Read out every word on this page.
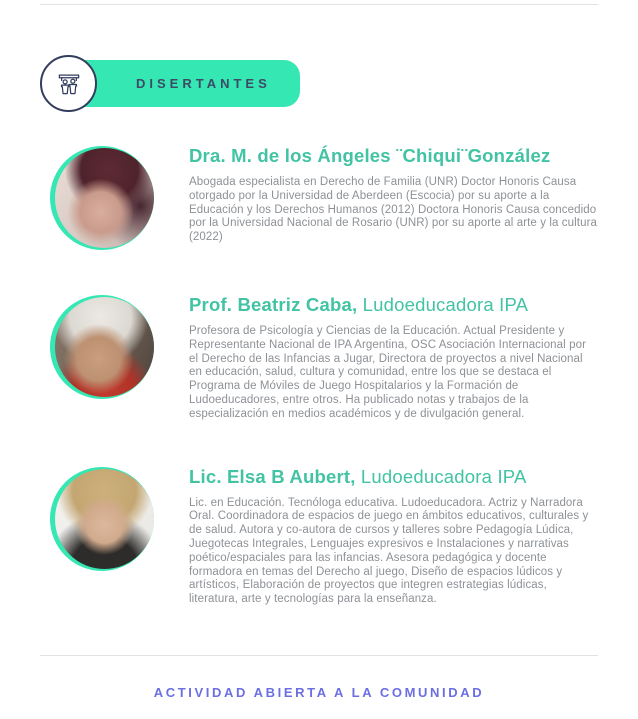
DISERTANTES
Dra. M. de los Ángeles ¨Chiqui¨González
Abogada especialista en Derecho de Familia (UNR) Doctor Honoris Causa otorgado por la Universidad de Aberdeen (Escocia) por su aporte a la Educación y los Derechos Humanos (2012) Doctora Honoris Causa concedido por la Universidad Nacional de Rosario (UNR) por su aporte al arte y la cultura (2022)
Prof. Beatriz Caba, Ludoeducadora IPA
Profesora de Psicología y Ciencias de la Educación. Actual Presidente y Representante Nacional de IPA Argentina, OSC Asociación Internacional por el Derecho de las Infancias a Jugar, Directora de proyectos a nivel Nacional en educación, salud, cultura y comunidad, entre los que se destaca el Programa de Móviles de Juego Hospitalarios y la Formación de Ludoeducadores, entre otros. Ha publicado notas y trabajos de la especialización en medios académicos y de divulgación general.
Lic. Elsa B Aubert, Ludoeducadora IPA
Lic. en Educación. Tecnóloga educativa. Ludoeducadora. Actriz y Narradora Oral. Coordinadora de espacios de juego en ámbitos educativos, culturales y de salud. Autora y co-autora de cursos y talleres sobre Pedagogía Lúdica, Juegotecas Integrales, Lenguajes expresivos e Instalaciones y narrativas poético/espaciales para las infancias. Asesora pedagógica y docente formadora en temas del Derecho al juego, Diseño de espacios lúdicos y artísticos, Elaboración de proyectos que integren estrategias lúdicas, literatura, arte y tecnologías para la enseñanza.
ACTIVIDAD ABIERTA A LA COMUNIDAD
